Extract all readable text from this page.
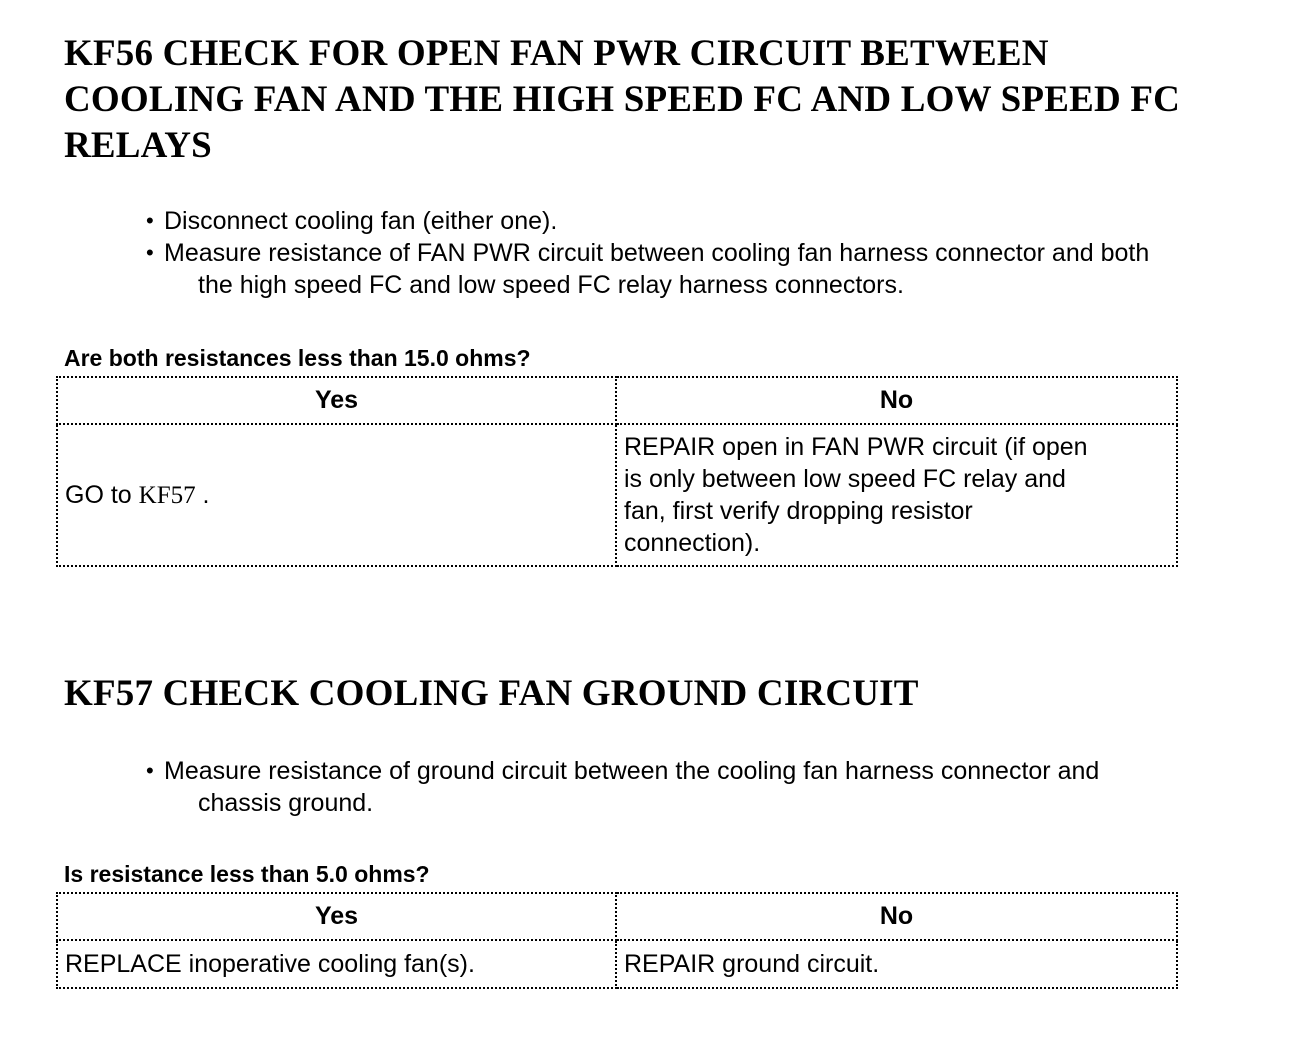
KF56 CHECK FOR OPEN FAN PWR CIRCUIT BETWEEN
COOLING FAN AND THE HIGH SPEED FC AND LOW SPEED FC
RELAYS
• Disconnect cooling fan (either one).
• Measure resistance of FAN PWR circuit between cooling fan harness connector and both
the high speed FC and low speed FC relay harness connectors.

Are both resistances less than 15.0 ohms?

Yes	No
GO to KF57 .	REPAIR open in FAN PWR circuit (if open
is only between low speed FC relay and
fan, first verify dropping resistor
connection).
KF57 CHECK COOLING FAN GROUND CIRCUIT
• Measure resistance of ground circuit between the cooling fan harness connector and
chassis ground.

Is resistance less than 5.0 ohms?

Yes	No
REPLACE inoperative cooling fan(s).	REPAIR ground circuit.
